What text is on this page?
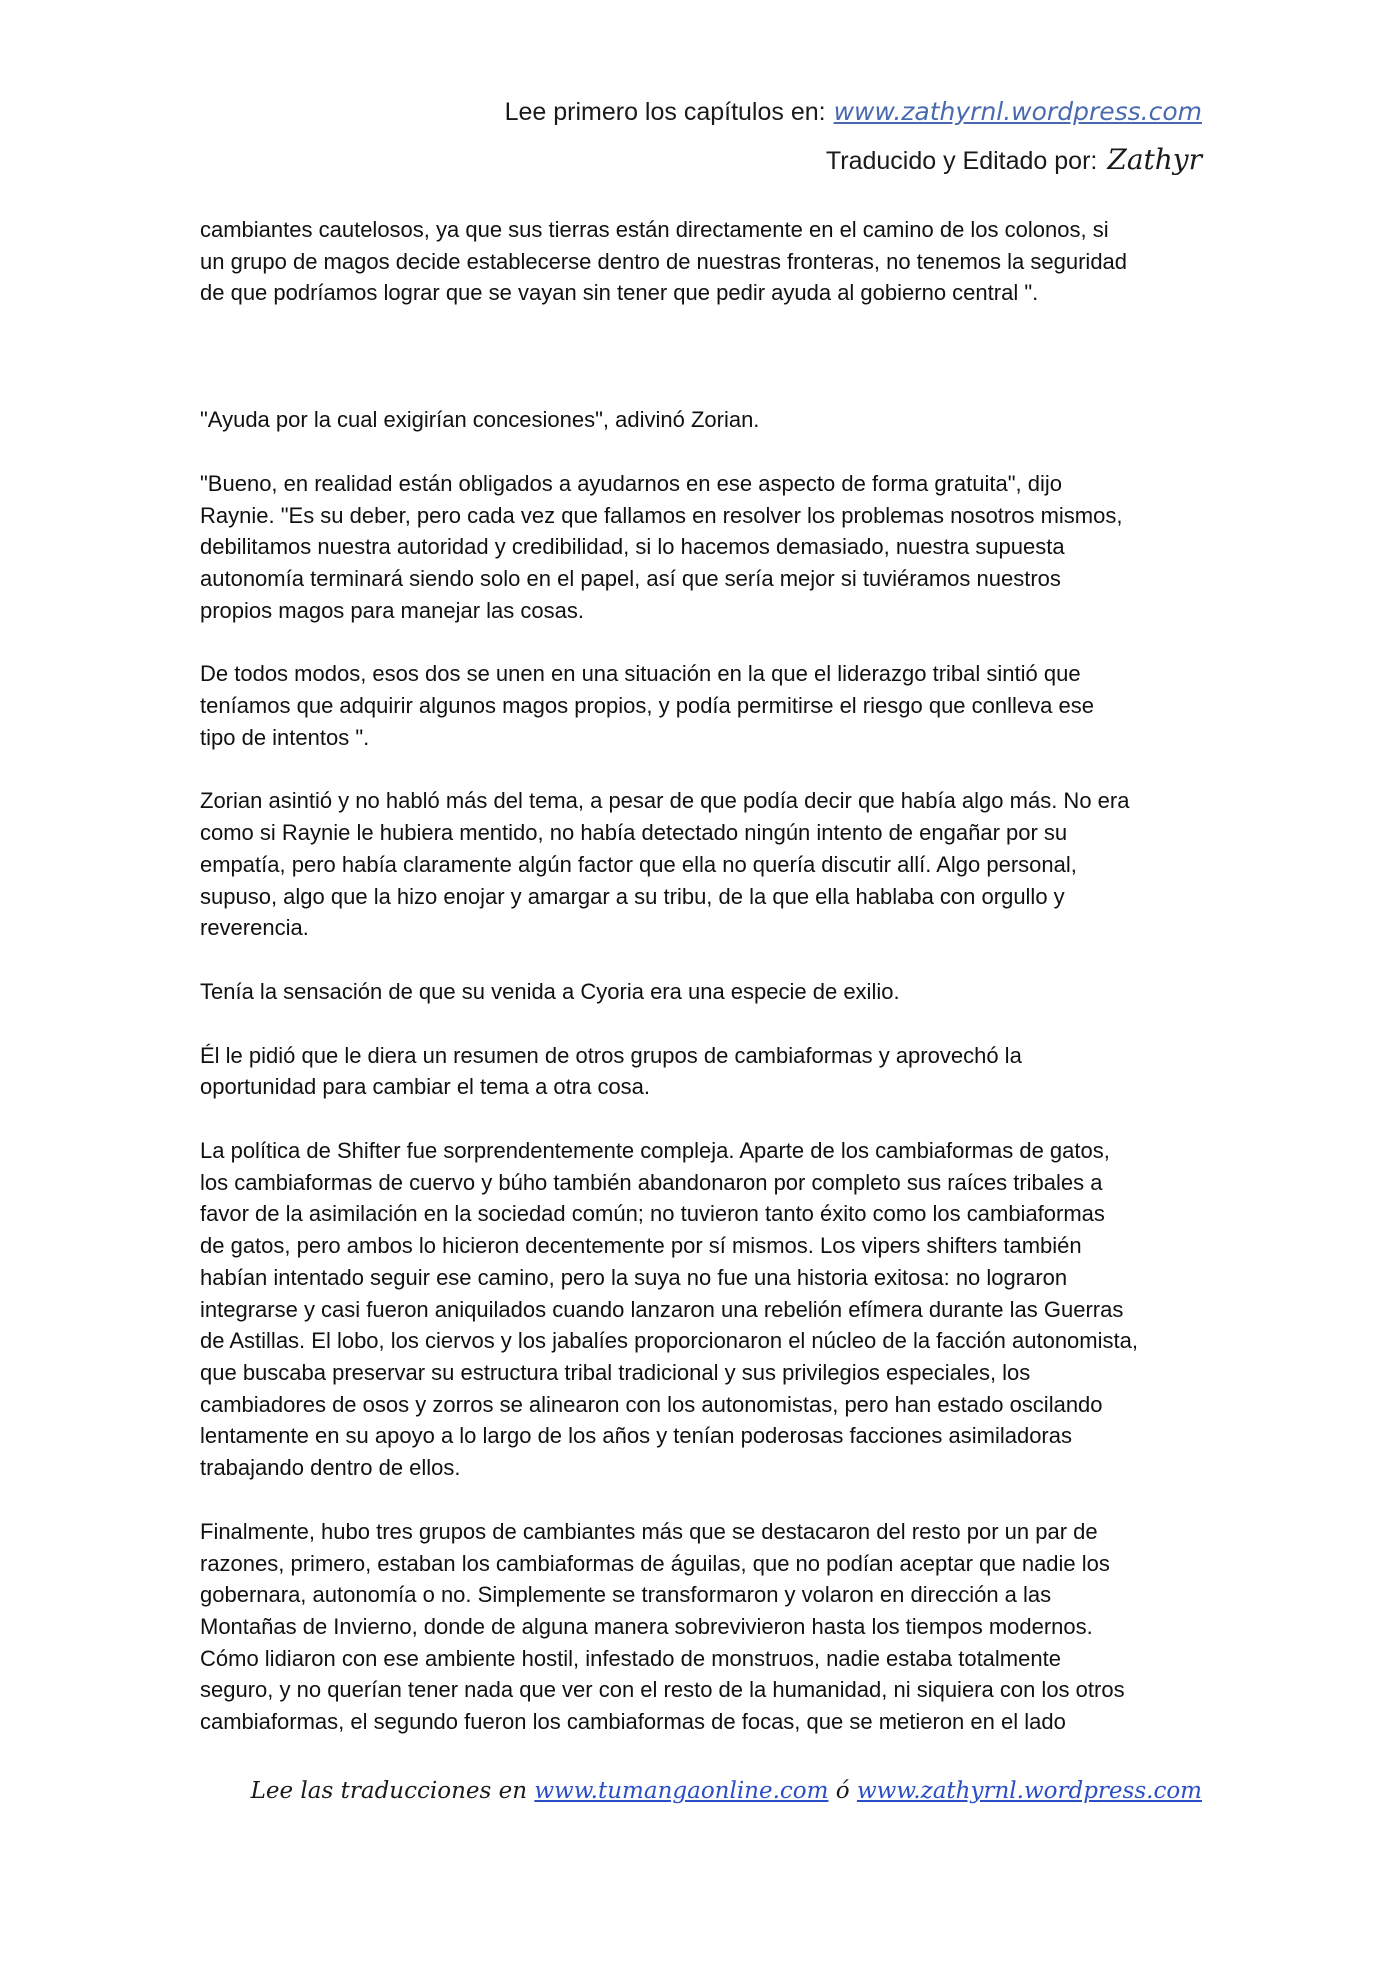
Lee primero los capítulos en: www.zathyrnl.wordpress.com
Traducido y Editado por: Zathyr

cambiantes cautelosos, ya que sus tierras están directamente en el camino de los colonos, si
un grupo de magos decide establecerse dentro de nuestras fronteras, no tenemos la seguridad
de que podríamos lograr que se vayan sin tener que pedir ayuda al gobierno central ".

"Ayuda por la cual exigirían concesiones", adivinó Zorian.

"Bueno, en realidad están obligados a ayudarnos en ese aspecto de forma gratuita", dijo
Raynie. "Es su deber, pero cada vez que fallamos en resolver los problemas nosotros mismos,
debilitamos nuestra autoridad y credibilidad, si lo hacemos demasiado, nuestra supuesta
autonomía terminará siendo solo en el papel, así que sería mejor si tuviéramos nuestros
propios magos para manejar las cosas.

De todos modos, esos dos se unen en una situación en la que el liderazgo tribal sintió que
teníamos que adquirir algunos magos propios, y podía permitirse el riesgo que conlleva ese
tipo de intentos ".

Zorian asintió y no habló más del tema, a pesar de que podía decir que había algo más. No era
como si Raynie le hubiera mentido, no había detectado ningún intento de engañar por su
empatía, pero había claramente algún factor que ella no quería discutir allí. Algo personal,
supuso, algo que la hizo enojar y amargar a su tribu, de la que ella hablaba con orgullo y
reverencia.

Tenía la sensación de que su venida a Cyoria era una especie de exilio.

Él le pidió que le diera un resumen de otros grupos de cambiaformas y aprovechó la
oportunidad para cambiar el tema a otra cosa.

La política de Shifter fue sorprendentemente compleja. Aparte de los cambiaformas de gatos,
los cambiaformas de cuervo y búho también abandonaron por completo sus raíces tribales a
favor de la asimilación en la sociedad común; no tuvieron tanto éxito como los cambiaformas
de gatos, pero ambos lo hicieron decentemente por sí mismos. Los vipers shifters también
habían intentado seguir ese camino, pero la suya no fue una historia exitosa: no lograron
integrarse y casi fueron aniquilados cuando lanzaron una rebelión efímera durante las Guerras
de Astillas. El lobo, los ciervos y los jabalíes proporcionaron el núcleo de la facción autonomista,
que buscaba preservar su estructura tribal tradicional y sus privilegios especiales, los
cambiadores de osos y zorros se alinearon con los autonomistas, pero han estado oscilando
lentamente en su apoyo a lo largo de los años y tenían poderosas facciones asimiladoras
trabajando dentro de ellos.

Finalmente, hubo tres grupos de cambiantes más que se destacaron del resto por un par de
razones, primero, estaban los cambiaformas de águilas, que no podían aceptar que nadie los
gobernara, autonomía o no. Simplemente se transformaron y volaron en dirección a las
Montañas de Invierno, donde de alguna manera sobrevivieron hasta los tiempos modernos.
Cómo lidiaron con ese ambiente hostil, infestado de monstruos, nadie estaba totalmente
seguro, y no querían tener nada que ver con el resto de la humanidad, ni siquiera con los otros
cambiaformas, el segundo fueron los cambiaformas de focas, que se metieron en el lado

Lee las traducciones en www.tumangaonline.com ó www.zathyrnl.wordpress.com
